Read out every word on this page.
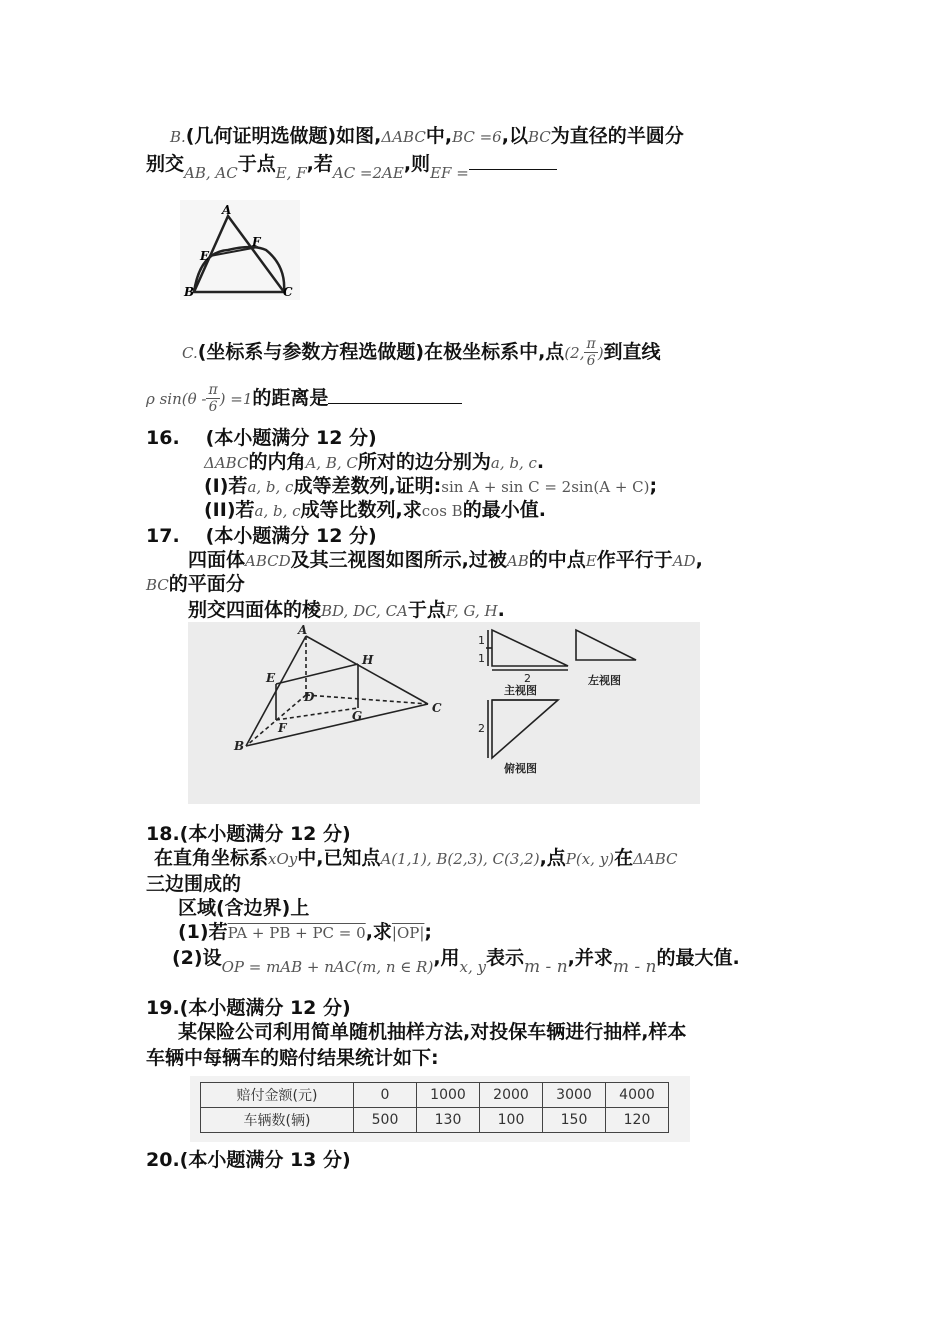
B.(几何证明选做题)如图,ΔABC中,BC =6,以BC为直径的半圆分
别交$_{AB, AC}$于点$_{E, F}$,若$_{AC =2AE}$,则$_{EF =}$
A
E
F
B	C
C.(坐标系与参数方程选做题)在极坐标系中,点(2, $\frac{\pi}{6}$ )到直线
ρ $\sin(\theta - \frac{\pi}{6}$ ) =1的距离是
16. (本小题满分 12 分)
ΔABC的内角A, B, C所对的边分别为a, b, c.
(I)若a, b, c成等差数列,证明:sin A + sin C = 2sin(A + C);
(II)若a, b, c成等比数列,求cos B的最小值.
17. (本小题满分 12 分)
四面体ABCD及其三视图如图所示,过被AB的中点E作平行于AD,
BC的平面分
别交四面体的棱BD, DC, CA于点F, G, H.
A
H
E
D
G
C
F
B
1
1
2
主视图
左视图
2
俯视图
18.(本小题满分 12 分)
在直角坐标系xOy中,已知点A(1,1), B(2,3), C(3,2),点P(x, y)在ΔABC
三边围成的
区域(含边界)上
(1)若PA + PB + PC = 0,求|OP|;
(2)设$_{OP = mAB + nAC(m, n \in R)}$,用$_{x, y}$表示m - n,并求m - n的最大值.
19.(本小题满分 12 分)
某保险公司利用简单随机抽样方法,对投保车辆进行抽样,样本
车辆中每辆车的赔付结果统计如下:
赔付金额(元)	0	1000	2000	3000	4000
车辆数(辆)	500	130	100	150	120
20.(本小题满分 13 分)
